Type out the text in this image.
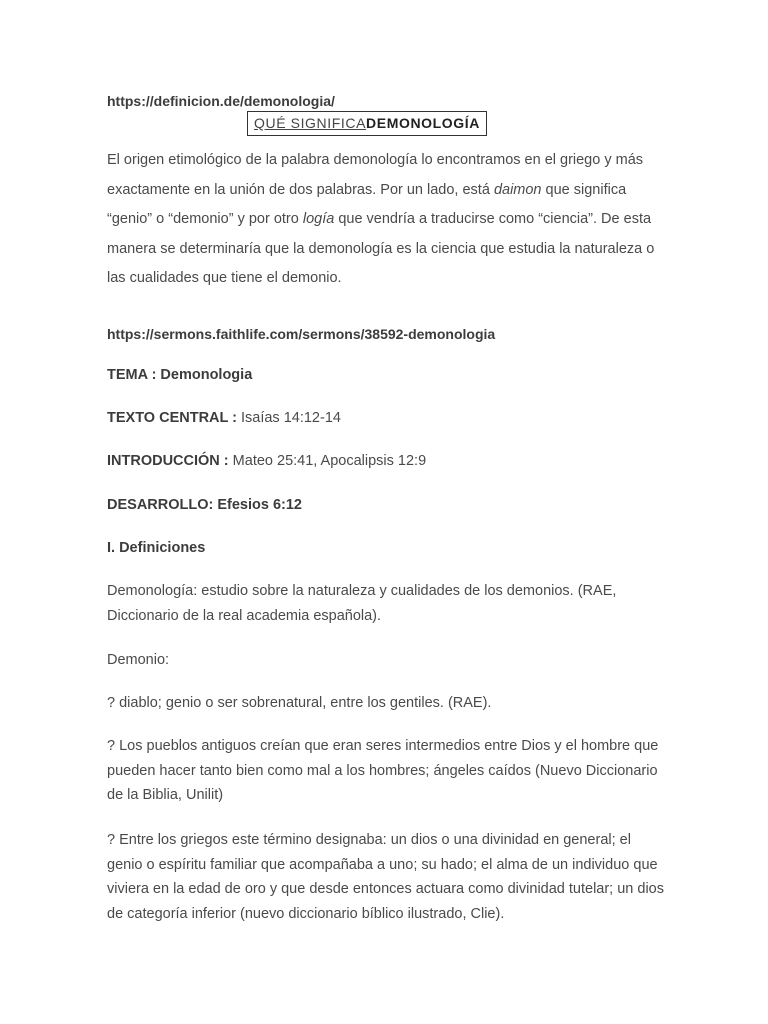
https://definicion.de/demonologia/
QUÉ SIGNIFICADEMONOLOGÍA

El origen etimológico de la palabra demonología lo encontramos en el griego y más exactamente en la unión de dos palabras. Por un lado, está daimon que significa “genio” o “demonio” y por otro logía que vendría a traducirse como “ciencia”. De esta manera se determinaría que la demonología es la ciencia que estudia la naturaleza o las cualidades que tiene el demonio.

https://sermons.faithlife.com/sermons/38592-demonologia
TEMA : Demonologia
TEXTO CENTRAL : Isaías 14:12-14
INTRODUCCIÓN : Mateo 25:41, Apocalipsis 12:9
DESARROLLO: Efesios 6:12
I. Definiciones

Demonología: estudio sobre la naturaleza y cualidades de los demonios. (RAE, Diccionario de la real academia española).

Demonio:
? diablo; genio o ser sobrenatural, entre los gentiles. (RAE).

? Los pueblos antiguos creían que eran seres intermedios entre Dios y el hombre que pueden hacer tanto bien como mal a los hombres; ángeles caídos (Nuevo Diccionario de la Biblia, Unilit)

? Entre los griegos este término designaba: un dios o una divinidad en general; el genio o espíritu familiar que acompañaba a uno; su hado; el alma de un individuo que viviera en la edad de oro y que desde entonces actuara como divinidad tutelar; un dios de categoría inferior (nuevo diccionario bíblico ilustrado, Clie).
